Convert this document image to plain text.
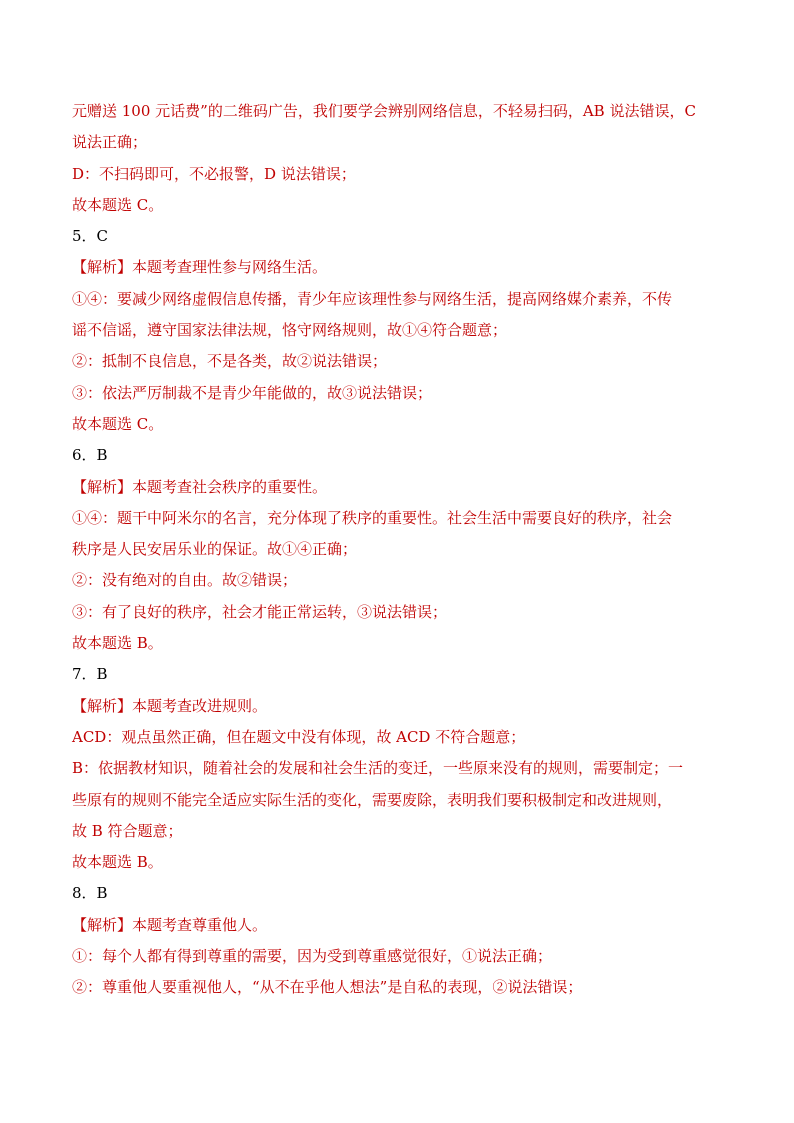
元赠送 100 元话费”的二维码广告，我们要学会辨别网络信息，不轻易扫码，AB 说法错误，C
说法正确；
D：不扫码即可，不必报警，D 说法错误；
故本题选 C。
5．C
【解析】本题考查理性参与网络生活。
①④：要减少网络虚假信息传播，青少年应该理性参与网络生活，提高网络媒介素养，不传
谣不信谣，遵守国家法律法规，恪守网络规则，故①④符合题意；
②：抵制不良信息，不是各类，故②说法错误；
③：依法严厉制裁不是青少年能做的，故③说法错误；
故本题选 C。
6．B
【解析】本题考查社会秩序的重要性。
①④：题干中阿米尔的名言，充分体现了秩序的重要性。社会生活中需要良好的秩序，社会
秩序是人民安居乐业的保证。故①④正确；
②：没有绝对的自由。故②错误；
③：有了良好的秩序，社会才能正常运转，③说法错误；
故本题选 B。
7．B
【解析】本题考查改进规则。
ACD：观点虽然正确，但在题文中没有体现，故 ACD 不符合题意；
B：依据教材知识，随着社会的发展和社会生活的变迁，一些原来没有的规则，需要制定；一
些原有的规则不能完全适应实际生活的变化，需要废除，表明我们要积极制定和改进规则，
故 B 符合题意；
故本题选 B。
8．B
【解析】本题考查尊重他人。
①：每个人都有得到尊重的需要，因为受到尊重感觉很好，①说法正确；
②：尊重他人要重视他人，“从不在乎他人想法”是自私的表现，②说法错误；
